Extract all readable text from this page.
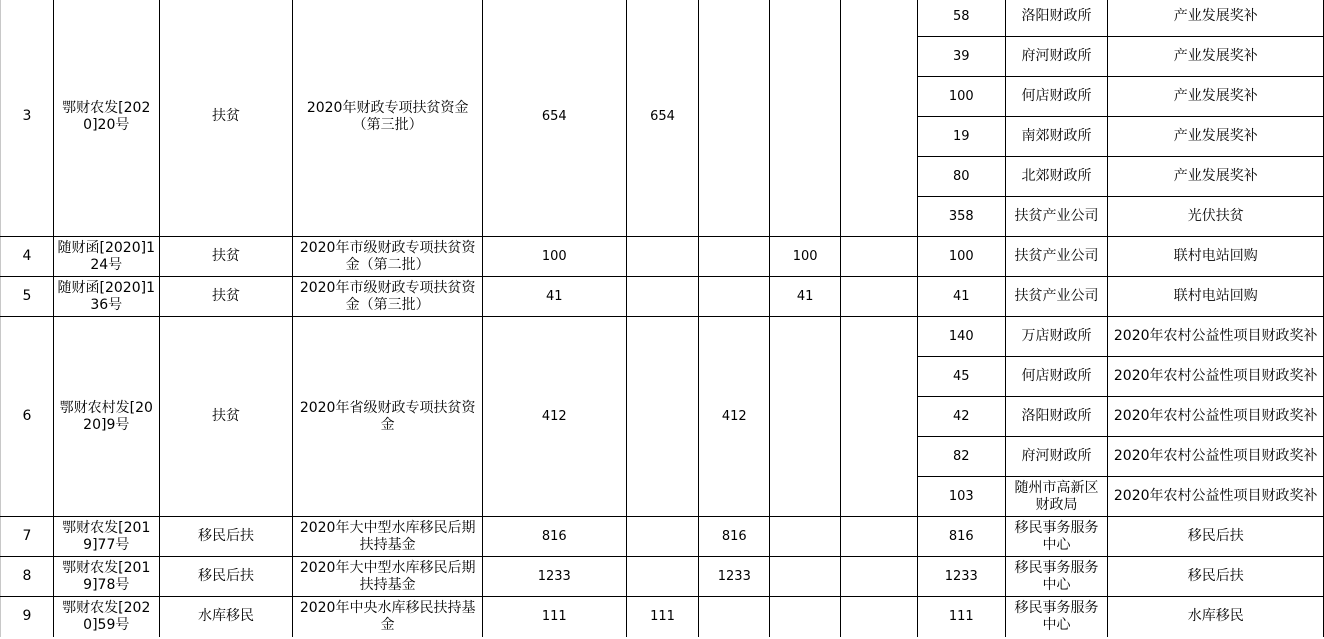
3	鄂财农发[2020]20号	扶贫	2020年财政专项扶贫资金（第三批）	654	654				58	洛阳财政所	产业发展奖补
									39	府河财政所	产业发展奖补
									100	何店财政所	产业发展奖补
									19	南郊财政所	产业发展奖补
									80	北郊财政所	产业发展奖补
									358	扶贫产业公司	光伏扶贫
4	随财函[2020]124号	扶贫	2020年市级财政专项扶贫资金（第二批）	100			100		100	扶贫产业公司	联村电站回购
5	随财函[2020]136号	扶贫	2020年市级财政专项扶贫资金（第三批）	41			41		41	扶贫产业公司	联村电站回购
6	鄂财农村发[2020]9号	扶贫	2020年省级财政专项扶贫资金	412		412			140	万店财政所	2020年农村公益性项目财政奖补
									45	何店财政所	2020年农村公益性项目财政奖补
									42	洛阳财政所	2020年农村公益性项目财政奖补
									82	府河财政所	2020年农村公益性项目财政奖补
									103	随州市高新区财政局	2020年农村公益性项目财政奖补
7	鄂财农发[2019]77号	移民后扶	2020年大中型水库移民后期扶持基金	816		816			816	移民事务服务中心	移民后扶
8	鄂财农发[2019]78号	移民后扶	2020年大中型水库移民后期扶持基金	1233		1233			1233	移民事务服务中心	移民后扶
9	鄂财农发[2020]59号	水库移民	2020年中央水库移民扶持基金	111	111				111	移民事务服务中心	水库移民
